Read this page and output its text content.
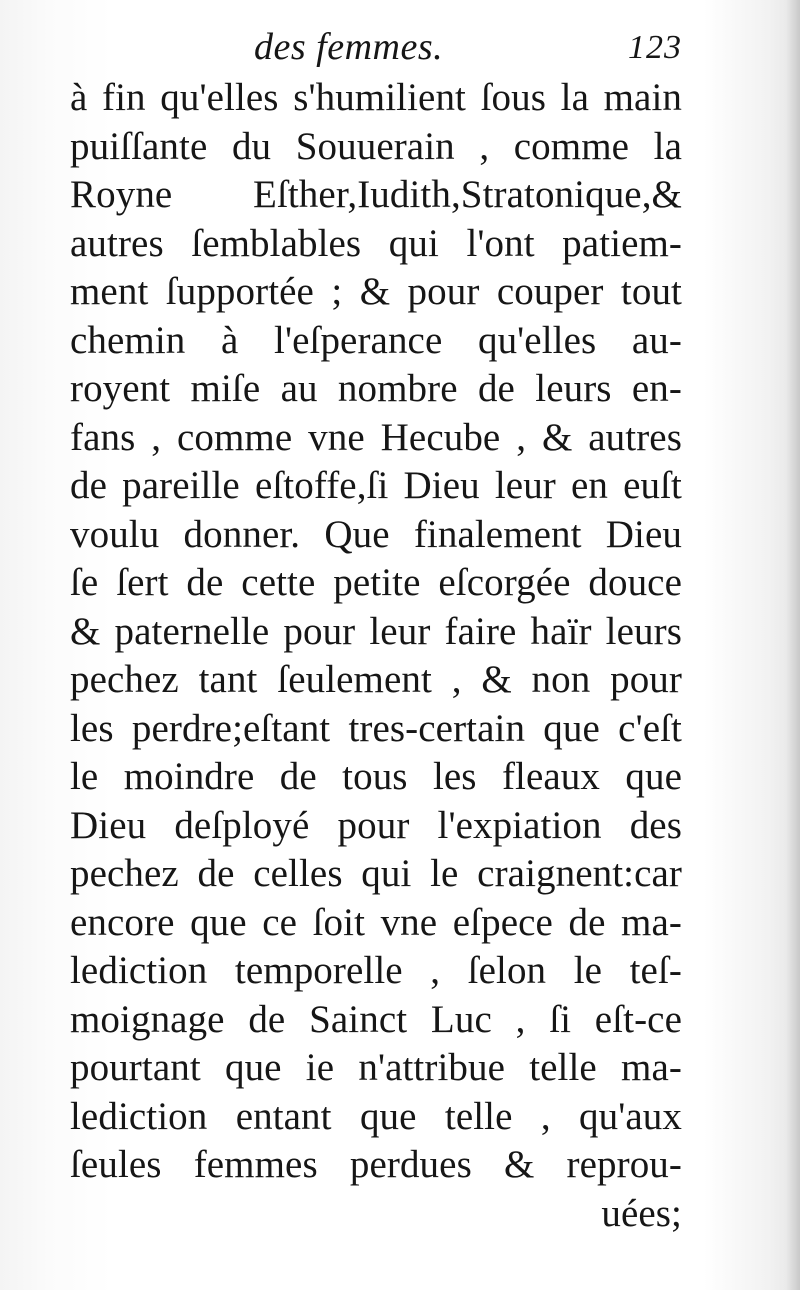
des femmes.	123
à fin qu'elles s'humilient ſous la main
puiſſante du Souuerain , comme la
Royne Eſther,Iudith,Stratonique,&
autres ſemblables qui l'ont patiem-
ment ſupportée ; & pour couper tout
chemin à l'eſperance qu'elles au-
royent miſe au nombre de leurs en-
fans , comme vne Hecube , & autres
de pareille eſtoffe,ſi Dieu leur en euſt
voulu donner. Que finalement Dieu
ſe ſert de cette petite eſcorgée douce
& paternelle pour leur faire haïr leurs
pechez tant ſeulement , & non pour
les perdre;eſtant tres-certain que c'eſt
le moindre de tous les fleaux que
Dieu deſployé pour l'expiation des
pechez de celles qui le craignent:car
encore que ce ſoit vne eſpece de ma-
lediction temporelle , ſelon le teſ-
moignage de Sainct Luc , ſi eſt-ce
pourtant que ie n'attribue telle ma-
lediction entant que telle , qu'aux
ſeules femmes perdues & reprou-
uées;
